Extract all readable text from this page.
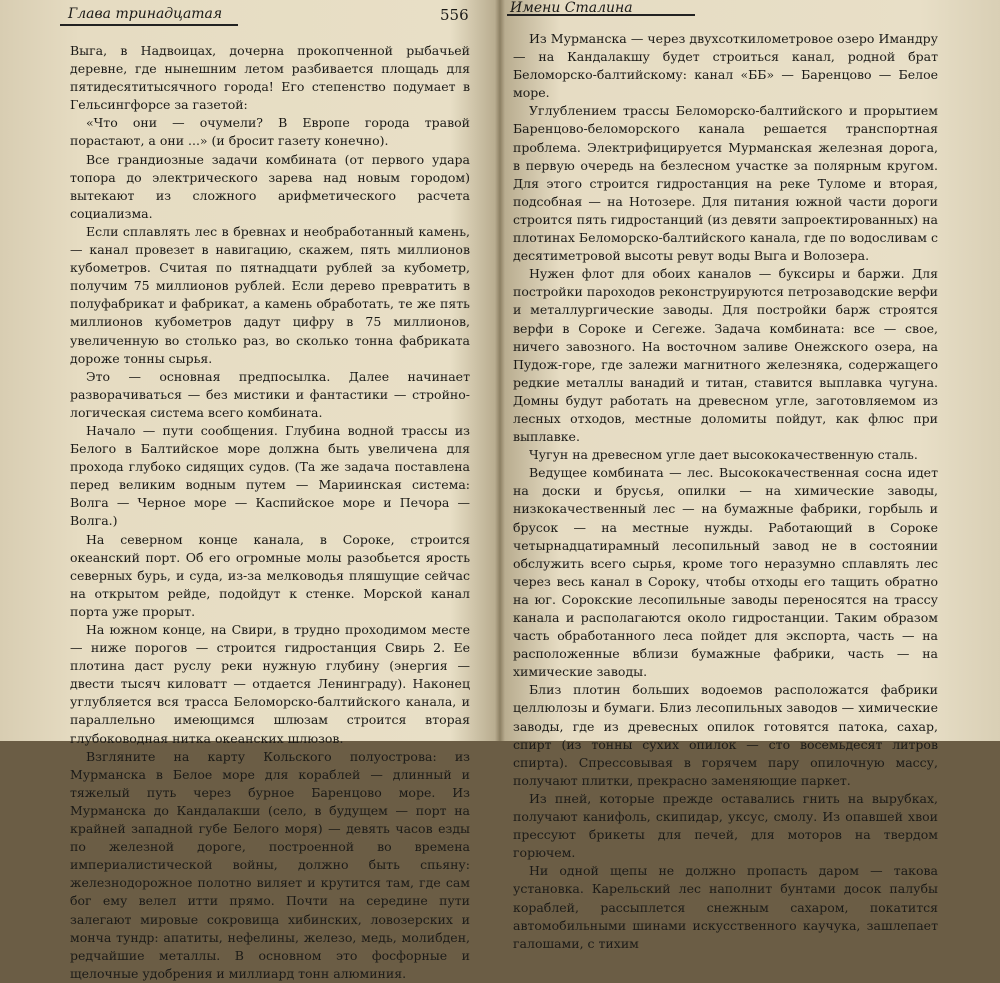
Глава тринадцатая	556

Выга, в Надвоицах, дочерна прокопченной рыбачьей деревне, где нынешним летом разбивается площадь для пятидесятитысячного города! Его степенство подумает в Гельсингфорсе за газетой:

«Что они — очумели? В Европе города травой порастают, а они ...» (и бросит газету конечно).

Все грандиозные задачи комбината (от первого удара топора до электрического зарева над новым городом) вытекают из сложного арифметического расчета социализма.

Если сплавлять лес в бревнах и необработанный камень, — канал провезет в навигацию, скажем, пять миллионов кубометров. Считая по пятнадцати рублей за кубометр, получим 75 миллионов рублей. Если дерево превратить в полуфабрикат и фабрикат, а камень обработать, те же пять миллионов кубометров дадут цифру в 75 миллионов, увеличенную во столько раз, во сколько тонна фабриката дороже тонны сырья.

Это — основная предпосылка. Далее начинает разворачиваться — без мистики и фантастики — стройно-логическая система всего комбината.

Начало — пути сообщения. Глубина водной трассы из Белого в Балтийское море должна быть увеличена для прохода глубоко сидящих судов. (Та же задача поставлена перед великим водным путем — Мариинская система: Волга — Черное море — Каспийское море и Печора — Волга.)

На северном конце канала, в Сороке, строится океанский порт. Об его огромные молы разобьется ярость северных бурь, и суда, из-за мелководья пляшущие сейчас на открытом рейде, подойдут к стенке. Морской канал порта уже прорыт.

На южном конце, на Свири, в трудно проходимом месте — ниже порогов — строится гидростанция Свирь 2. Ее плотина даст руслу реки нужную глубину (энергия — двести тысяч киловатт — отдается Ленинграду). Наконец углубляется вся трасса Беломорско-балтийского канала, и параллельно имеющимся шлюзам строится вторая глубоководная нитка океанских шлюзов.

Взгляните на карту Кольского полуострова: из Мурманска в Белое море для кораблей — длинный и тяжелый путь через бурное Баренцово море. Из Мурманска до Кандалакши (село, в будущем — порт на крайней западной губе Белого моря) — девять часов езды по железной дороге, построенной во времена империалистической войны, должно быть спьяну: железнодорожное полотно виляет и крутится там, где сам бог ему велел итти прямо. Почти на середине пути залегают мировые сокровища хибинских, ловозерских и монча тундр: апатиты, нефелины, железо, медь, молибден, редчайшие металлы. В основном это фосфорные и щелочные удобрения и миллиард тонн алюминия.

Имени Сталина

Из Мурманска — через двухсоткилометровое озеро Имандру — на Кандалакшу будет строиться канал, родной брат Беломорско-балтийскому: канал «ББ» — Баренцово — Белое море.

Углублением трассы Беломорско-балтийского и прорытием Баренцово-беломорского канала решается транспортная проблема. Электрифицируется Мурманская железная дорога, в первую очередь на безлесном участке за полярным кругом. Для этого строится гидростанция на реке Туломе и вторая, подсобная — на Нотозере. Для питания южной части дороги строится пять гидростанций (из девяти запроектированных) на плотинах Беломорско-балтийского канала, где по водосливам с десятиметровой высоты ревут воды Выга и Волозера.

Нужен флот для обоих каналов — буксиры и баржи. Для постройки пароходов реконструируются петрозаводские верфи и металлургические заводы. Для постройки барж строятся верфи в Сороке и Сегеже. Задача комбината: все — свое, ничего завозного. На восточном заливе Онежского озера, на Пудож-горе, где залежи магнитного железняка, содержащего редкие металлы ванадий и титан, ставится выплавка чугуна. Домны будут работать на древесном угле, заготовляемом из лесных отходов, местные доломиты пойдут, как флюс при выплавке.

Чугун на древесном угле дает высококачественную сталь.

Ведущее комбината — лес. Высококачественная сосна идет на доски и брусья, опилки — на химические заводы, низкокачественный лес — на бумажные фабрики, горбыль и брусок — на местные нужды. Работающий в Сороке четырнадцатирамный лесопильный завод не в состоянии обслужить всего сырья, кроме того неразумно сплавлять лес через весь канал в Сороку, чтобы отходы его тащить обратно на юг. Сорокские лесопильные заводы переносятся на трассу канала и располагаются около гидростанции. Таким образом часть обработанного леса пойдет для экспорта, часть — на расположенные вблизи бумажные фабрики, часть — на химические заводы.

Близ плотин больших водоемов расположатся фабрики целлюлозы и бумаги. Близ лесопильных заводов — химические заводы, где из древесных опилок готовятся патока, сахар, спирт (из тонны сухих опилок — сто восемьдесят литров спирта). Спрессовывая в горячем пару опилочную массу, получают плитки, прекрасно заменяющие паркет.

Из пней, которые прежде оставались гнить на вырубках, получают канифоль, скипидар, уксус, смолу. Из опавшей хвои прессуют брикеты для печей, для моторов на твердом горючем.

Ни одной щепы не должно пропасть даром — такова установка. Карельский лес наполнит бунтами досок палубы кораблей, рассыплется снежным сахаром, покатится автомобильными шинами искусственного каучука, зашлепает галошами, с тихим
